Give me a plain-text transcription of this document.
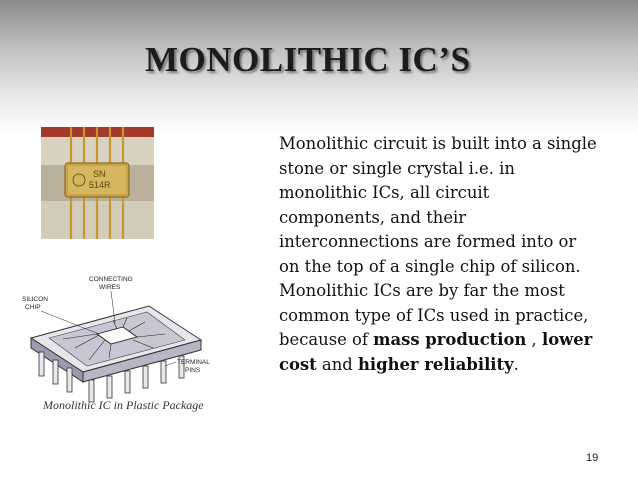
MONOLITHIC IC’S
SN
514R
CONNECTING
WIRES
SILICON
CHIP
TERMINAL
PINS
Monolithic IC in Plastic Package

Monolithic circuit is built into a single stone or single crystal i.e. in monolithic ICs, all circuit components, and their interconnections are formed into or on the top of a single chip of silicon. Monolithic ICs are by far the most common type of ICs used in practice, because of mass production , lower cost and higher reliability.

19
